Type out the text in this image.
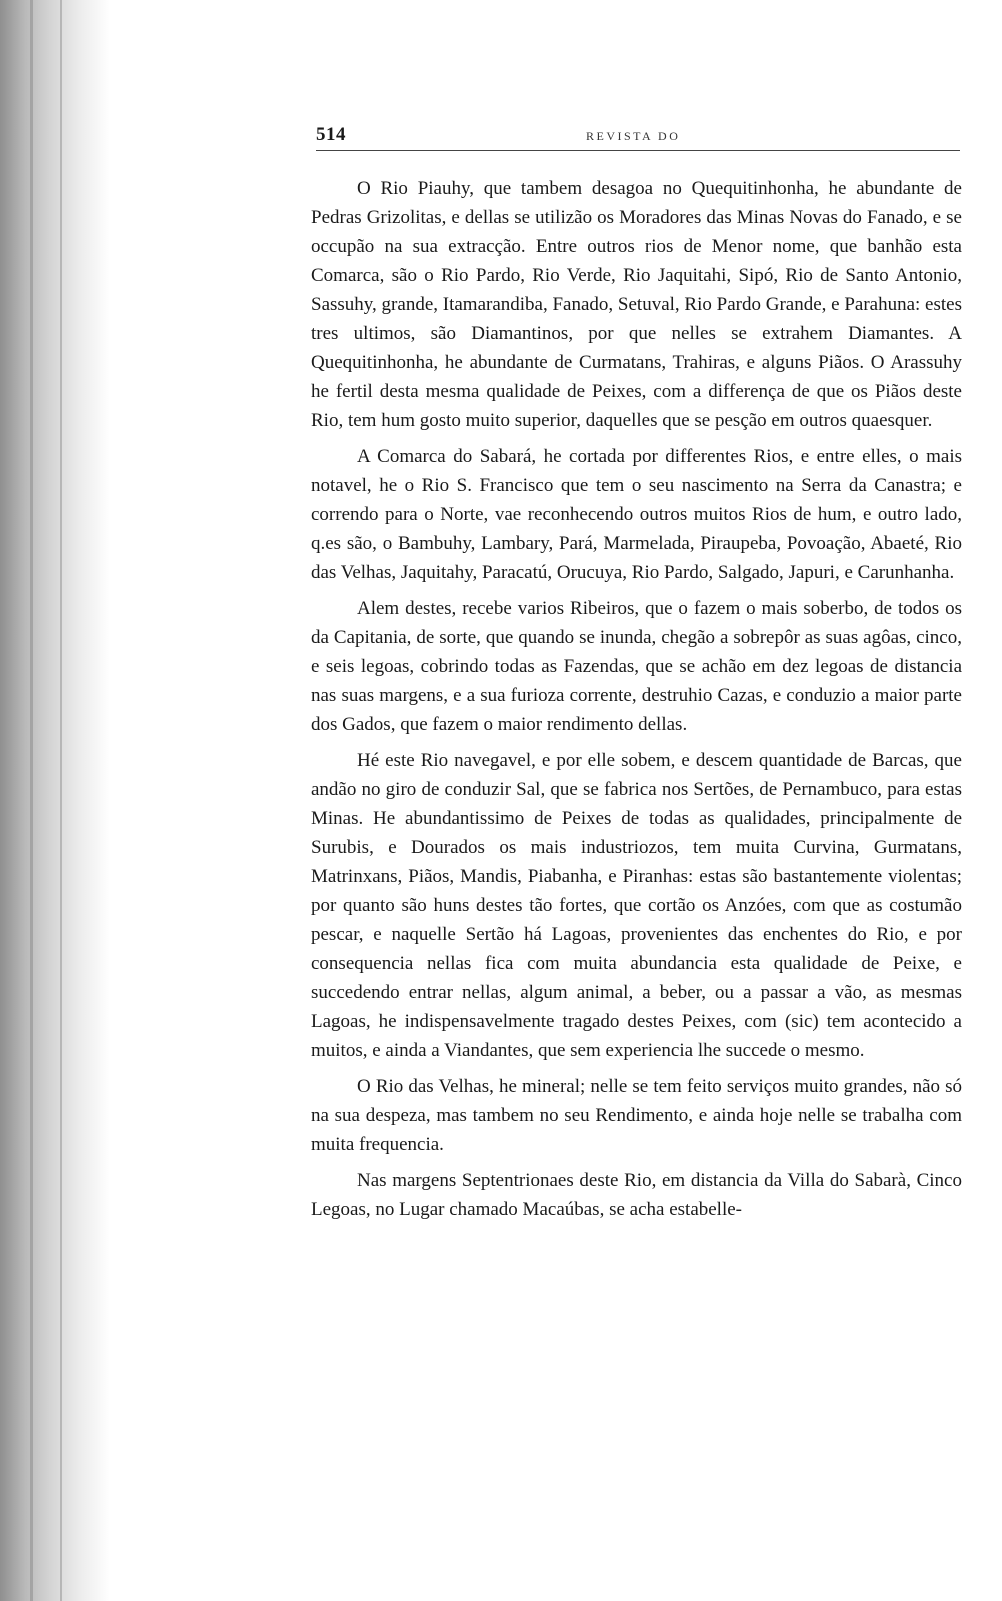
514	REVISTA DO

O Rio Piauhy, que tambem desagoa no Quequitinhonha, he abundante de Pedras Grizolitas, e dellas se utilizão os Moradores das Minas Novas do Fanado, e se occupão na sua extracção. Entre outros rios de Menor nome, que banhão esta Comarca, são o Rio Pardo, Rio Verde, Rio Jaquitahi, Sipó, Rio de Santo Antonio, Sassuhy, grande, Itamarandiba, Fanado, Setuval, Rio Pardo Grande, e Parahuna: estes tres ultimos, são Diamantinos, por que nelles se extrahem Diamantes. A Quequitinhonha, he abundante de Curmatans, Trahiras, e alguns Piãos. O Arassuhy he fertil desta mesma qualidade de Peixes, com a differença de que os Piãos deste Rio, tem hum gosto muito superior, daquelles que se pesção em outros quaesquer.

A Comarca do Sabará, he cortada por differentes Rios, e entre elles, o mais notavel, he o Rio S. Francisco que tem o seu nascimento na Serra da Canastra; e correndo para o Norte, vae reconhecendo outros muitos Rios de hum, e outro lado, q.es são, o Bambuhy, Lambary, Pará, Marmelada, Piraupeba, Povoação, Abaeté, Rio das Velhas, Jaquitahy, Paracatú, Orucuya, Rio Pardo, Salgado, Japuri, e Carunhanha.

Alem destes, recebe varios Ribeiros, que o fazem o mais soberbo, de todos os da Capitania, de sorte, que quando se inunda, chegão a sobrepôr as suas agôas, cinco, e seis legoas, cobrindo todas as Fazendas, que se achão em dez legoas de distancia nas suas margens, e a sua furioza corrente, destruhio Cazas, e conduzio a maior parte dos Gados, que fazem o maior rendimento dellas.

Hé este Rio navegavel, e por elle sobem, e descem quantidade de Barcas, que andão no giro de conduzir Sal, que se fabrica nos Sertões, de Pernambuco, para estas Minas. He abundantissimo de Peixes de todas as qualidades, principalmente de Surubis, e Dourados os mais industriozos, tem muita Curvina, Gurmatans, Matrinxans, Piãos, Mandis, Piabanha, e Piranhas: estas são bastantemente violentas; por quanto são huns destes tão fortes, que cortão os Anzóes, com que as costumão pescar, e naquelle Sertão há Lagoas, provenientes das enchentes do Rio, e por consequencia nellas fica com muita abundancia esta qualidade de Peixe, e succedendo entrar nellas, algum animal, a beber, ou a passar a vão, as mesmas Lagoas, he indispensavelmente tragado destes Peixes, com (sic) tem acontecido a muitos, e ainda a Viandantes, que sem experiencia lhe succede o mesmo.

O Rio das Velhas, he mineral; nelle se tem feito serviços muito grandes, não só na sua despeza, mas tambem no seu Rendimento, e ainda hoje nelle se trabalha com muita frequencia.

Nas margens Septentrionaes deste Rio, em distancia da Villa do Sabarà, Cinco Legoas, no Lugar chamado Macaúbas, se acha estabelle-
